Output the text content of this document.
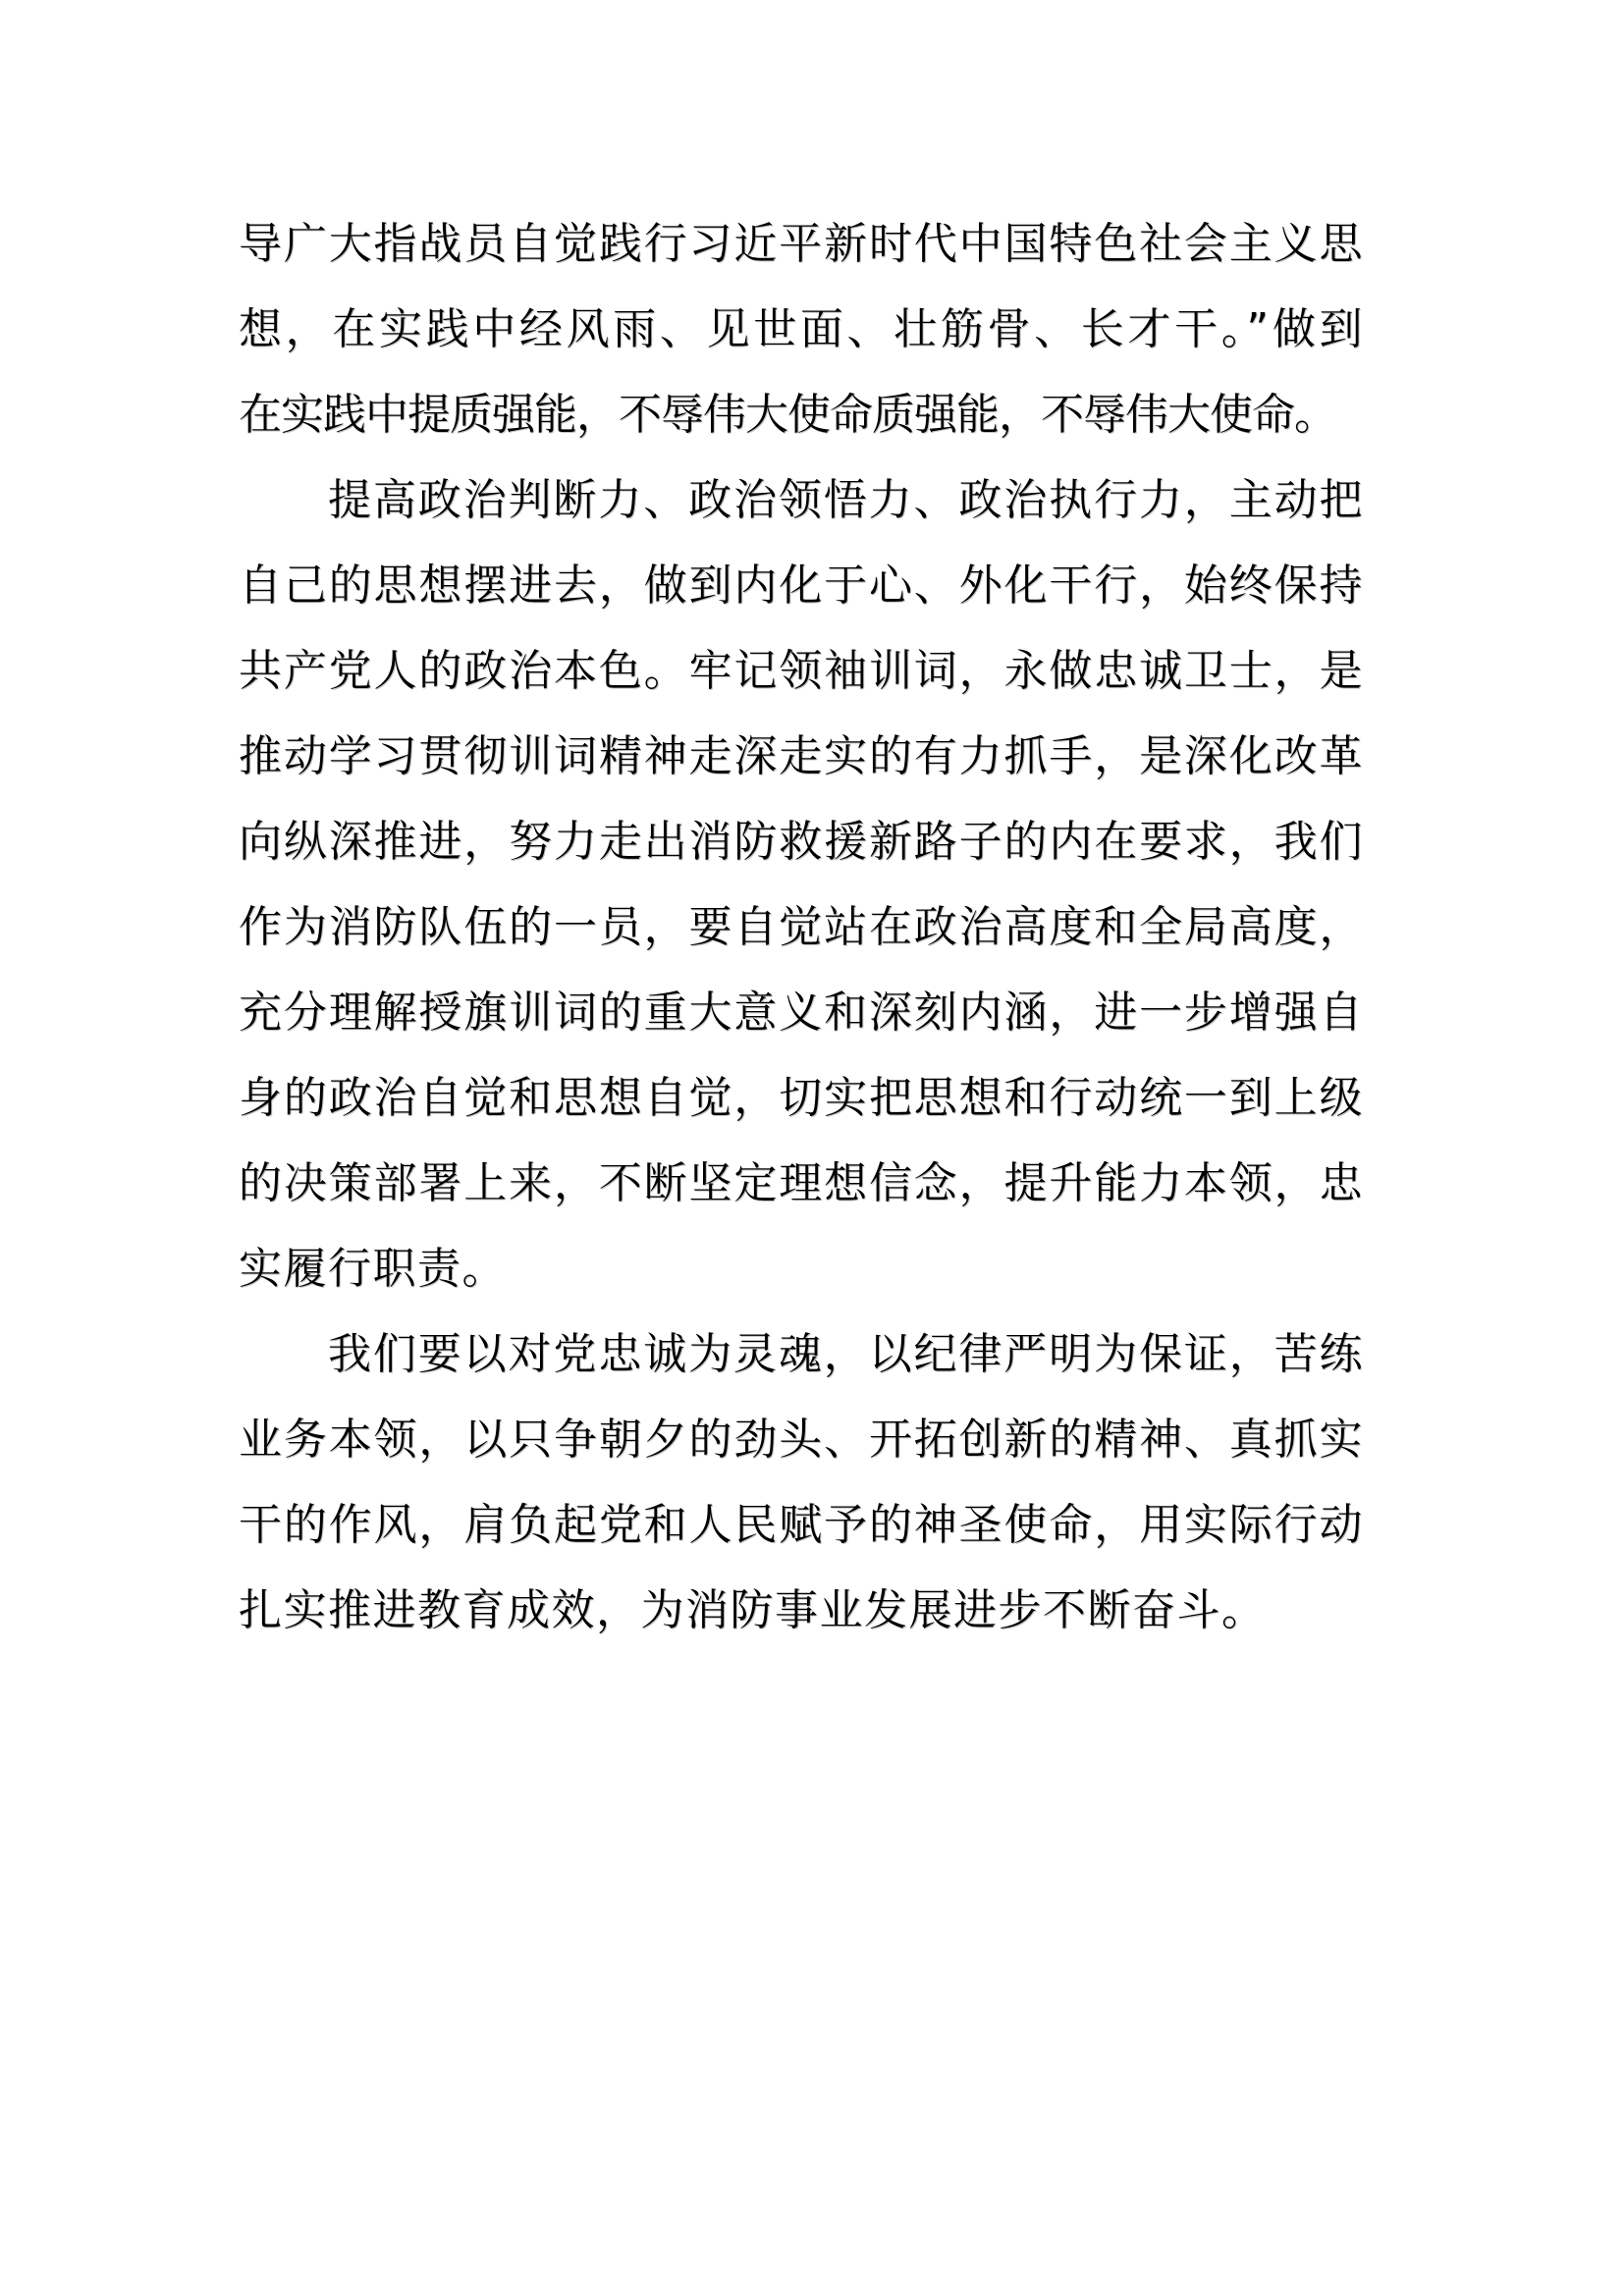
导广大指战员自觉践行习近平新时代中国特色社会主义思
想，在实践中经风雨、见世面、壮筋骨、长才干。”做到
在实践中提质强能，不辱伟大使命质强能，不辱伟大使命。
提高政治判断力、政治领悟力、政治执行力，主动把
自己的思想摆进去，做到内化于心、外化干行，始终保持
共产党人的政治本色。牢记领袖训词，永做忠诚卫士，是
推动学习贯彻训词精神走深走实的有力抓手，是深化改革
向纵深推进，努力走出消防救援新路子的内在要求，我们
作为消防队伍的一员，要自觉站在政治高度和全局高度，
充分理解授旗训词的重大意义和深刻内涵，进一步增强自
身的政治自觉和思想自觉，切实把思想和行动统一到上级
的决策部署上来，不断坚定理想信念，提升能力本领，忠
实履行职责。
我们要以对党忠诚为灵魂，以纪律严明为保证，苦练
业务本领，以只争朝夕的劲头、开拓创新的精神、真抓实
干的作风，肩负起党和人民赋予的神圣使命，用实际行动
扎实推进教育成效，为消防事业发展进步不断奋斗。
